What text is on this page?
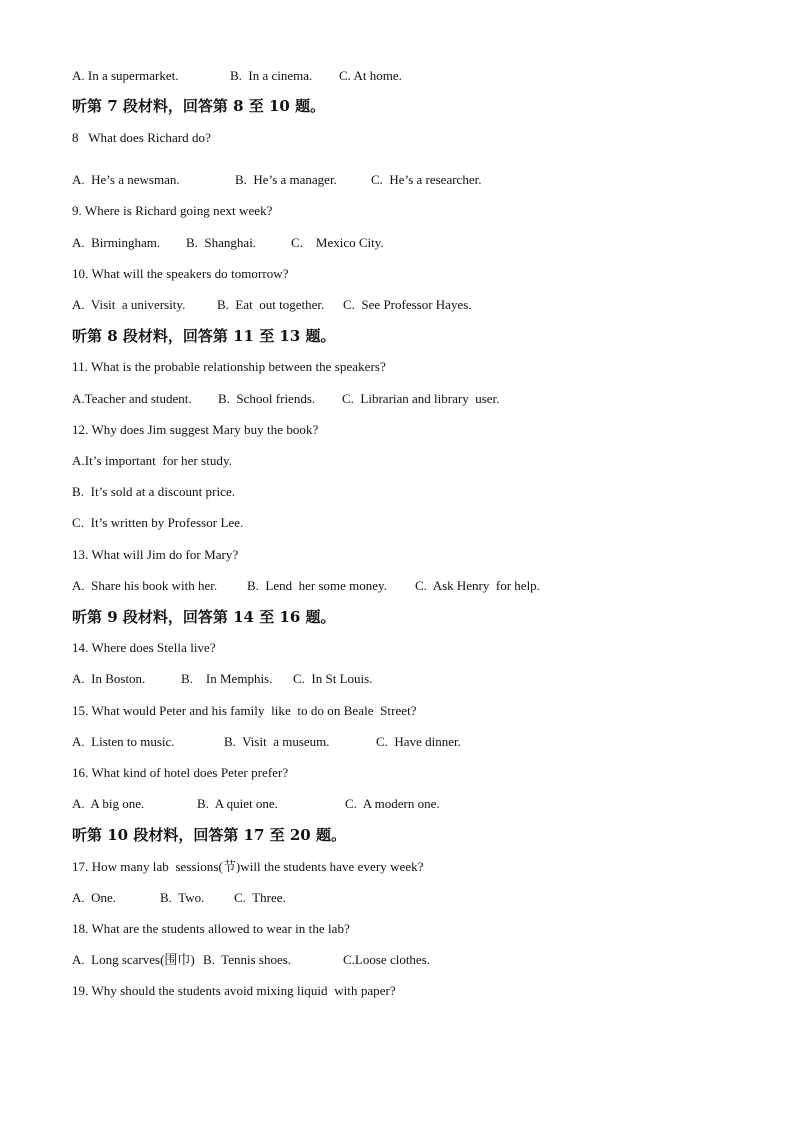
A. In a supermarket.	B.  In a cinema. C. At home.
听第 7 段材料，回答第 8 至 10 题。
8   What does Richard do?
A.  He’s a newsman.	B.  He’s a manager.	C.  He’s a researcher.
9. Where is Richard going next week?
A.  Birmingham. B.  Shanghai.	C.    Mexico City.
10. What will the speakers do tomorrow?
A.  Visit  a university. B.  Eat  out together. C.  See Professor Hayes.
听第 8 段材料，回答第 11 至 13 题。
11. What is the probable relationship between the speakers?
A.Teacher and student. B.  School friends. C.  Librarian and library  user.
12. Why does Jim suggest Mary buy the book?
A.It’s important  for her study.
B.  It’s sold at a discount price.
C.  It’s written by Professor Lee.
13. What will Jim do for Mary?
A.  Share his book with her. B.  Lend  her some money. C.  Ask Henry  for help.
听第 9 段材料，回答第 14 至 16 题。
14. Where does Stella live?
A.  In Boston.	B.    In Memphis. C.  In St Louis.
15. What would Peter and his family  like  to do on Beale  Street?
A.  Listen to music.	B.  Visit  a museum.	C.  Have dinner.
16. What kind of hotel does Peter prefer?
A.  A big one.	B.  A quiet one.	C.  A modern one.
听第 10 段材料，回答第 17 至 20 题。
17. How many lab  sessions(节)will the students have every week?
A.  One.	B.  Two. C.  Three.
18. What are the students allowed to wear in the lab?
A.  Long scarves(围巾) B.  Tennis shoes.	C.Loose clothes.
19. Why should the students avoid mixing liquid  with paper?
